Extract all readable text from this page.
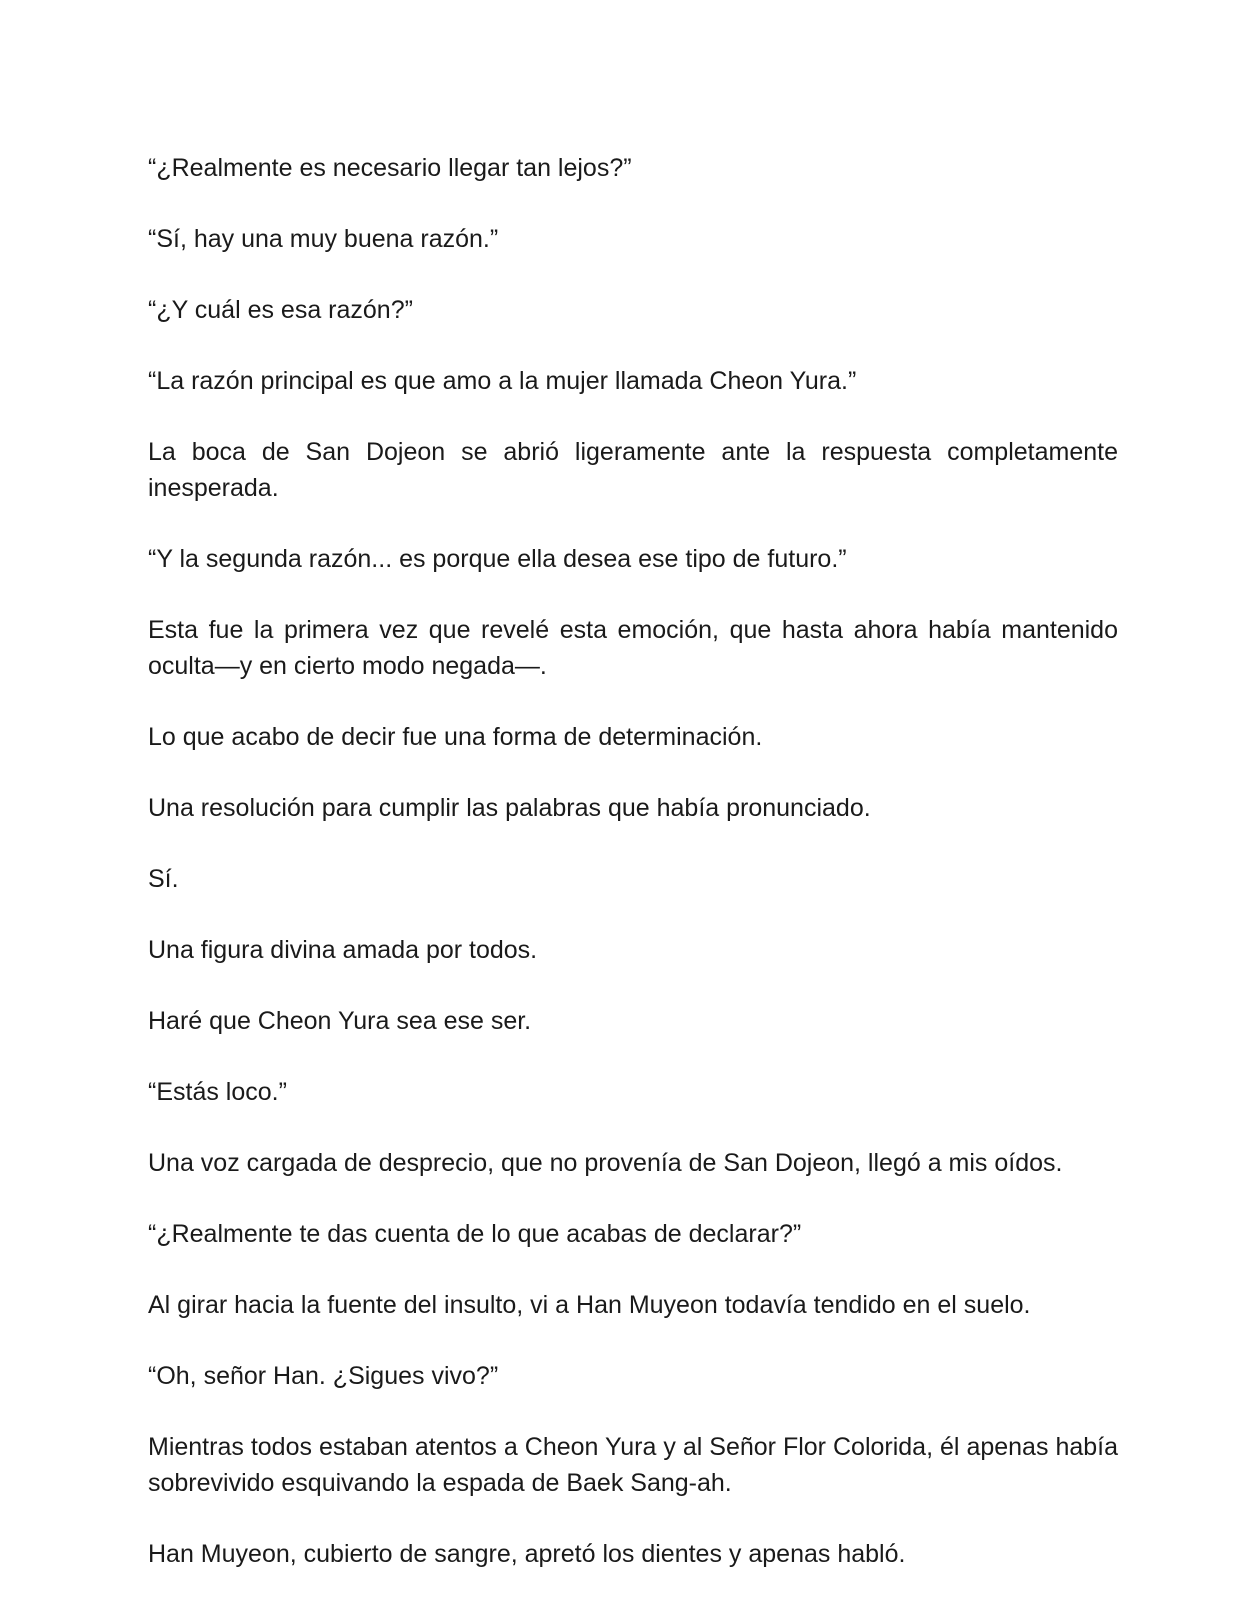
“¿Realmente es necesario llegar tan lejos?”

“Sí, hay una muy buena razón.”

“¿Y cuál es esa razón?”

“La razón principal es que amo a la mujer llamada Cheon Yura.”

La boca de San Dojeon se abrió ligeramente ante la respuesta completamente inesperada.

“Y la segunda razón... es porque ella desea ese tipo de futuro.”

Esta fue la primera vez que revelé esta emoción, que hasta ahora había mantenido oculta—y en cierto modo negada—.

Lo que acabo de decir fue una forma de determinación.

Una resolución para cumplir las palabras que había pronunciado.

Sí.

Una figura divina amada por todos.

Haré que Cheon Yura sea ese ser.

“Estás loco.”

Una voz cargada de desprecio, que no provenía de San Dojeon, llegó a mis oídos.

“¿Realmente te das cuenta de lo que acabas de declarar?”

Al girar hacia la fuente del insulto, vi a Han Muyeon todavía tendido en el suelo.

“Oh, señor Han. ¿Sigues vivo?”

Mientras todos estaban atentos a Cheon Yura y al Señor Flor Colorida, él apenas había sobrevivido esquivando la espada de Baek Sang-ah.

Han Muyeon, cubierto de sangre, apretó los dientes y apenas habló.
